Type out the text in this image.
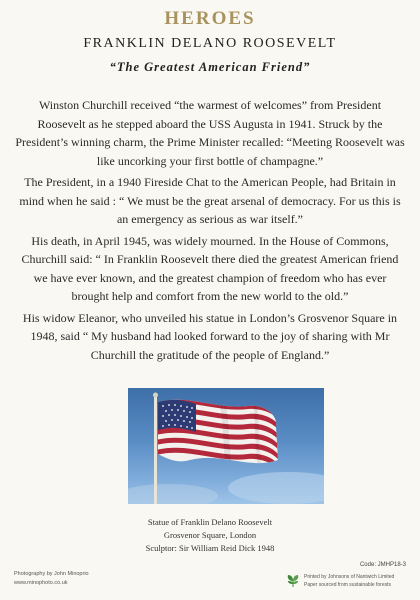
HEROES
FRANKLIN DELANO ROOSEVELT
“The Greatest American Friend”

Winston Churchill received “the warmest of welcomes” from President Roosevelt as he stepped aboard the USS Augusta in 1941. Struck by the President’s winning charm, the Prime Minister recalled: “Meeting Roosevelt was like uncorking your first bottle of champagne.”

The President, in a 1940 Fireside Chat to the American People, had Britain in mind when he said : “ We must be the great arsenal of democracy. For us this is an emergency as serious as war itself.”

His death, in April 1945, was widely mourned. In the House of Commons, Churchill said: “ In Franklin Roosevelt there died the greatest American friend we have ever known, and the greatest champion of freedom who has ever brought help and comfort from the new world to the old.”

His widow Eleanor, who unveiled his statue in London’s Grosvenor Square in 1948, said “ My husband had looked forward to the joy of sharing with Mr Churchill the gratitude of the people of England.”

Statue of Franklin Delano Roosevelt
Grosvenor Square, London
Sculptor: Sir William Reid Dick 1948
Photography by John Minoprio
www.minophoto.co.uk
Code: JMHP18-3
Printed by Johnsons of Nantwich Limited
Paper sourced from sustainable forests
